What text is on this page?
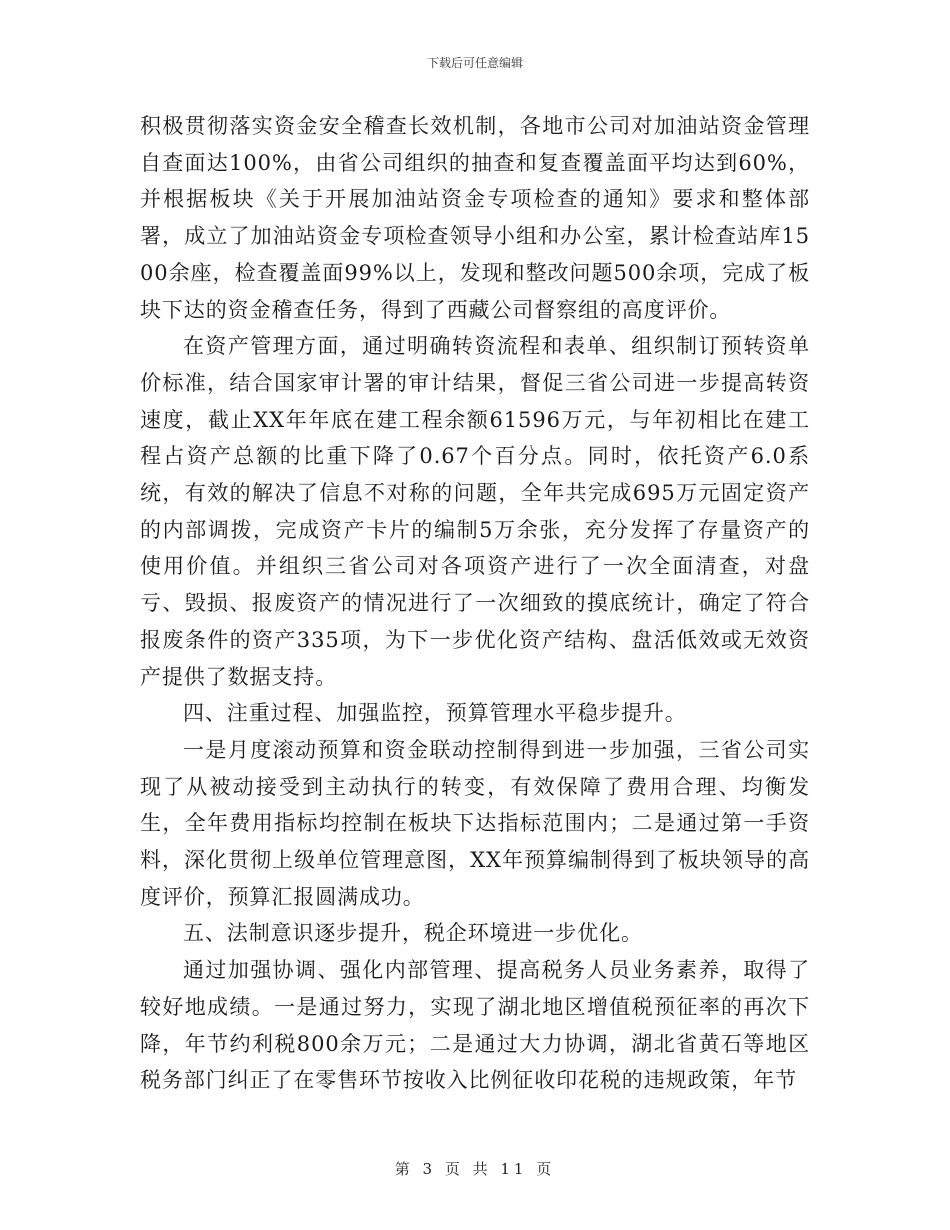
下载后可任意编辑

积极贯彻落实资金安全稽查长效机制，各地市公司对加油站资金管理自查面达100%，由省公司组织的抽查和复查覆盖面平均达到60%，并根据板块《关于开展加油站资金专项检查的通知》要求和整体部署，成立了加油站资金专项检查领导小组和办公室，累计检查站库1500余座，检查覆盖面99%以上，发现和整改问题500余项，完成了板块下达的资金稽查任务，得到了西藏公司督察组的高度评价。

在资产管理方面，通过明确转资流程和表单、组织制订预转资单价标准，结合国家审计署的审计结果，督促三省公司进一步提高转资速度，截止XX年年底在建工程余额61596万元，与年初相比在建工程占资产总额的比重下降了0.67个百分点。同时，依托资产6.0系统，有效的解决了信息不对称的问题，全年共完成695万元固定资产的内部调拨，完成资产卡片的编制5万余张，充分发挥了存量资产的使用价值。并组织三省公司对各项资产进行了一次全面清查，对盘亏、毁损、报废资产的情况进行了一次细致的摸底统计，确定了符合报废条件的资产335项，为下一步优化资产结构、盘活低效或无效资产提供了数据支持。

四、注重过程、加强监控，预算管理水平稳步提升。

一是月度滚动预算和资金联动控制得到进一步加强，三省公司实现了从被动接受到主动执行的转变，有效保障了费用合理、均衡发生，全年费用指标均控制在板块下达指标范围内；二是通过第一手资料，深化贯彻上级单位管理意图，XX年预算编制得到了板块领导的高度评价，预算汇报圆满成功。

五、法制意识逐步提升，税企环境进一步优化。

通过加强协调、强化内部管理、提高税务人员业务素养，取得了较好地成绩。一是通过努力，实现了湖北地区增值税预征率的再次下降，年节约利税800余万元；二是通过大力协调，湖北省黄石等地区税务部门纠正了在零售环节按收入比例征收印花税的违规政策，年节

第 3 页 共 11 页
